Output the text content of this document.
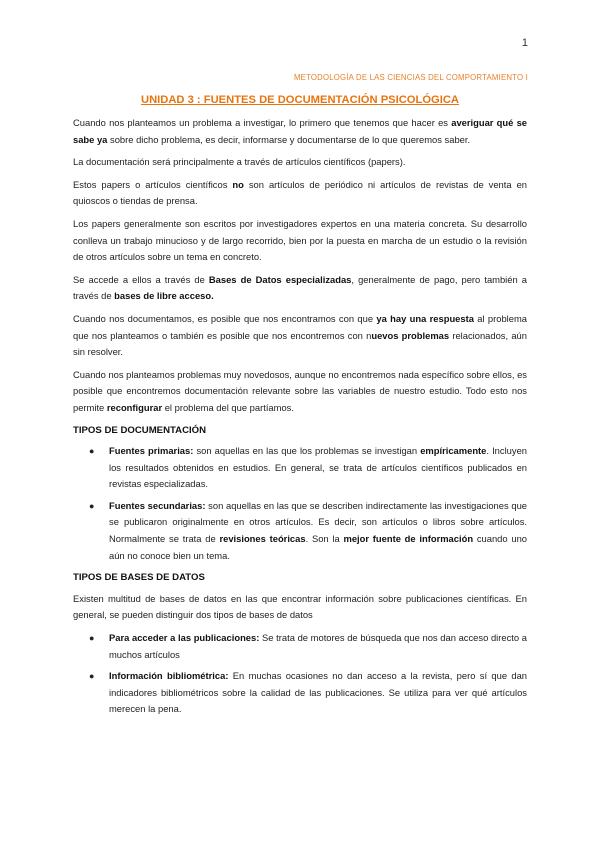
1
METODOLOGÍA DE LAS CIENCIAS DEL COMPORTAMIENTO I
UNIDAD 3 : FUENTES DE DOCUMENTACIÓN PSICOLÓGICA

Cuando nos planteamos un problema a investigar, lo primero que tenemos que hacer es averiguar qué se sabe ya sobre dicho problema, es decir, informarse y documentarse de lo que queremos saber.

La documentación será principalmente a través de artículos científicos (papers).

Estos papers o artículos científicos no son artículos de periódico ni artículos de revistas de venta en quioscos o tiendas de prensa.

Los papers generalmente son escritos por investigadores expertos en una materia concreta. Su desarrollo conlleva un trabajo minucioso y de largo recorrido, bien por la puesta en marcha de un estudio o la revisión de otros artículos sobre un tema en concreto.

Se accede a ellos a través de Bases de Datos especializadas, generalmente de pago, pero también a través de bases de libre acceso.

Cuando nos documentamos, es posible que nos encontramos con que ya hay una respuesta al problema que nos planteamos o también es posible que nos encontremos con nuevos problemas relacionados, aún sin resolver.

Cuando nos planteamos problemas muy novedosos, aunque no encontremos nada específico sobre ellos, es posible que encontremos documentación relevante sobre las variables de nuestro estudio. Todo esto nos permite reconfigurar el problema del que partíamos.

TIPOS DE DOCUMENTACIÓN
● Fuentes primarias: son aquellas en las que los problemas se investigan empíricamente. Incluyen los resultados obtenidos en estudios. En general, se trata de artículos científicos publicados en revistas especializadas.
● Fuentes secundarias: son aquellas en las que se describen indirectamente las investigaciones que se publicaron originalmente en otros artículos. Es decir, son artículos o libros sobre artículos. Normalmente se trata de revisiones teóricas. Son la mejor fuente de información cuando uno aún no conoce bien un tema.
TIPOS DE BASES DE DATOS

Existen multitud de bases de datos en las que encontrar información sobre publicaciones científicas. En general, se pueden distinguir dos tipos de bases de datos

● Para acceder a las publicaciones: Se trata de motores de búsqueda que nos dan acceso directo a muchos artículos
● Información bibliométrica: En muchas ocasiones no dan acceso a la revista, pero sí que dan indicadores bibliométricos sobre la calidad de las publicaciones. Se utiliza para ver qué artículos merecen la pena.
